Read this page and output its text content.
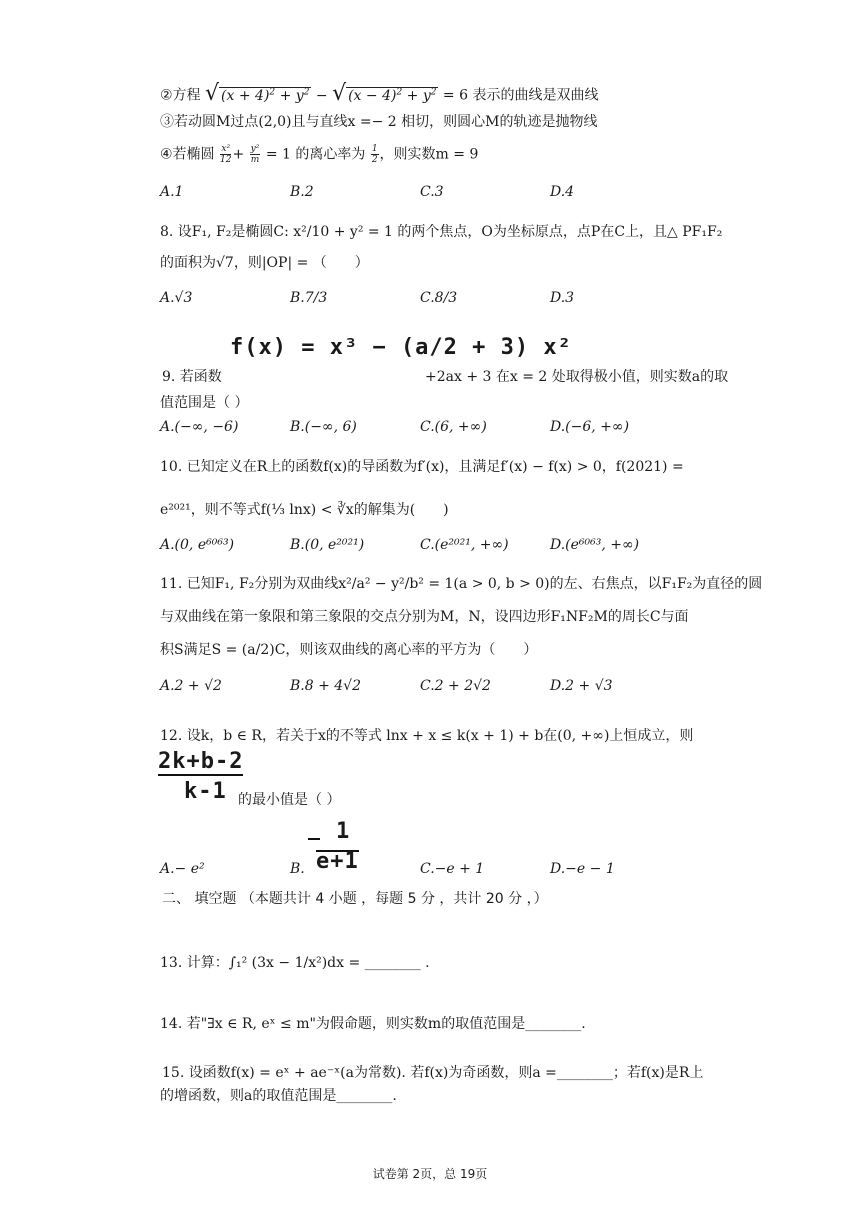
②方程 √ $(x + 4)^2 + y^2$ − √ $(x - 4)^2 + y^2 = 6$ 表示的曲线是双曲线
③若动圆M过点(2,0)且与直线x =− 2 相切，则圆心M的轨迹是抛物线
④若椭圆 $\frac{\text{x²}}{12} + \frac{\text{y²}}{m} = 1$ 的离心率为 $\frac{1}{2}$ ，则实数m = 9
A.1	B.2	C.3	D.4
8. 设F₁, F₂是椭圆C: x²/10 + y² = 1 的两个焦点，O为坐标原点，点P在C上，且△ PF₁F₂
的面积为√7，则|OP| = （　　）
A.√3	B.7/3	C.8/3	D.3
9. 若函数
f(x) = x³ − (a/2 + 3) x²
+2ax + 3 在x = 2 处取得极小值，则实数a的取
值范围是（ ）
A.(−∞, −6)	B.(−∞, 6)	C.(6, +∞)	D.(−6, +∞)
10. 已知定义在R上的函数f(x)的导函数为f′(x)，且满足f′(x) − f(x) > 0，f(2021) =
e²⁰²¹，则不等式f(⅓ lnx) < ∛x的解集为(　　)
A.(0, e⁶⁰⁶³)	B.(0, e²⁰²¹)	C.(e²⁰²¹, +∞)	D.(e⁶⁰⁶³, +∞)
11. 已知F₁, F₂分别为双曲线x²/a² − y²/b² = 1(a > 0, b > 0)的左、右焦点，以F₁F₂为直径的圆
与双曲线在第一象限和第三象限的交点分别为M，N，设四边形F₁NF₂M的周长C与面
积S满足S = (a/2)C，则该双曲线的离心率的平方为（　　）
A.2 + √2	B.8 + 4√2	C.2 + 2√2	D.2 + √3
12. 设k，b ∈ R，若关于x的不等式 lnx + x ≤ k(x + 1) + b在(0, +∞)上恒成立，则
2k+b-2
k-1 的最小值是（ ）
A.− e²	B.
1
e+1	C.−e + 1	D.−e − 1
二、 填空题 （本题共计 4 小题 ，每题 5 分 ，共计 20 分 ，）
13. 计算：∫₁² (3x − 1/x²)dx = ________ .
14. 若"∃x ∈ R, eˣ ≤ m"为假命题，则实数m的取值范围是________.
15. 设函数f(x) = eˣ + ae⁻ˣ(a为常数). 若f(x)为奇函数，则a =________；若f(x)是R上
的增函数，则a的取值范围是________.
试卷第 2页，总 19页
